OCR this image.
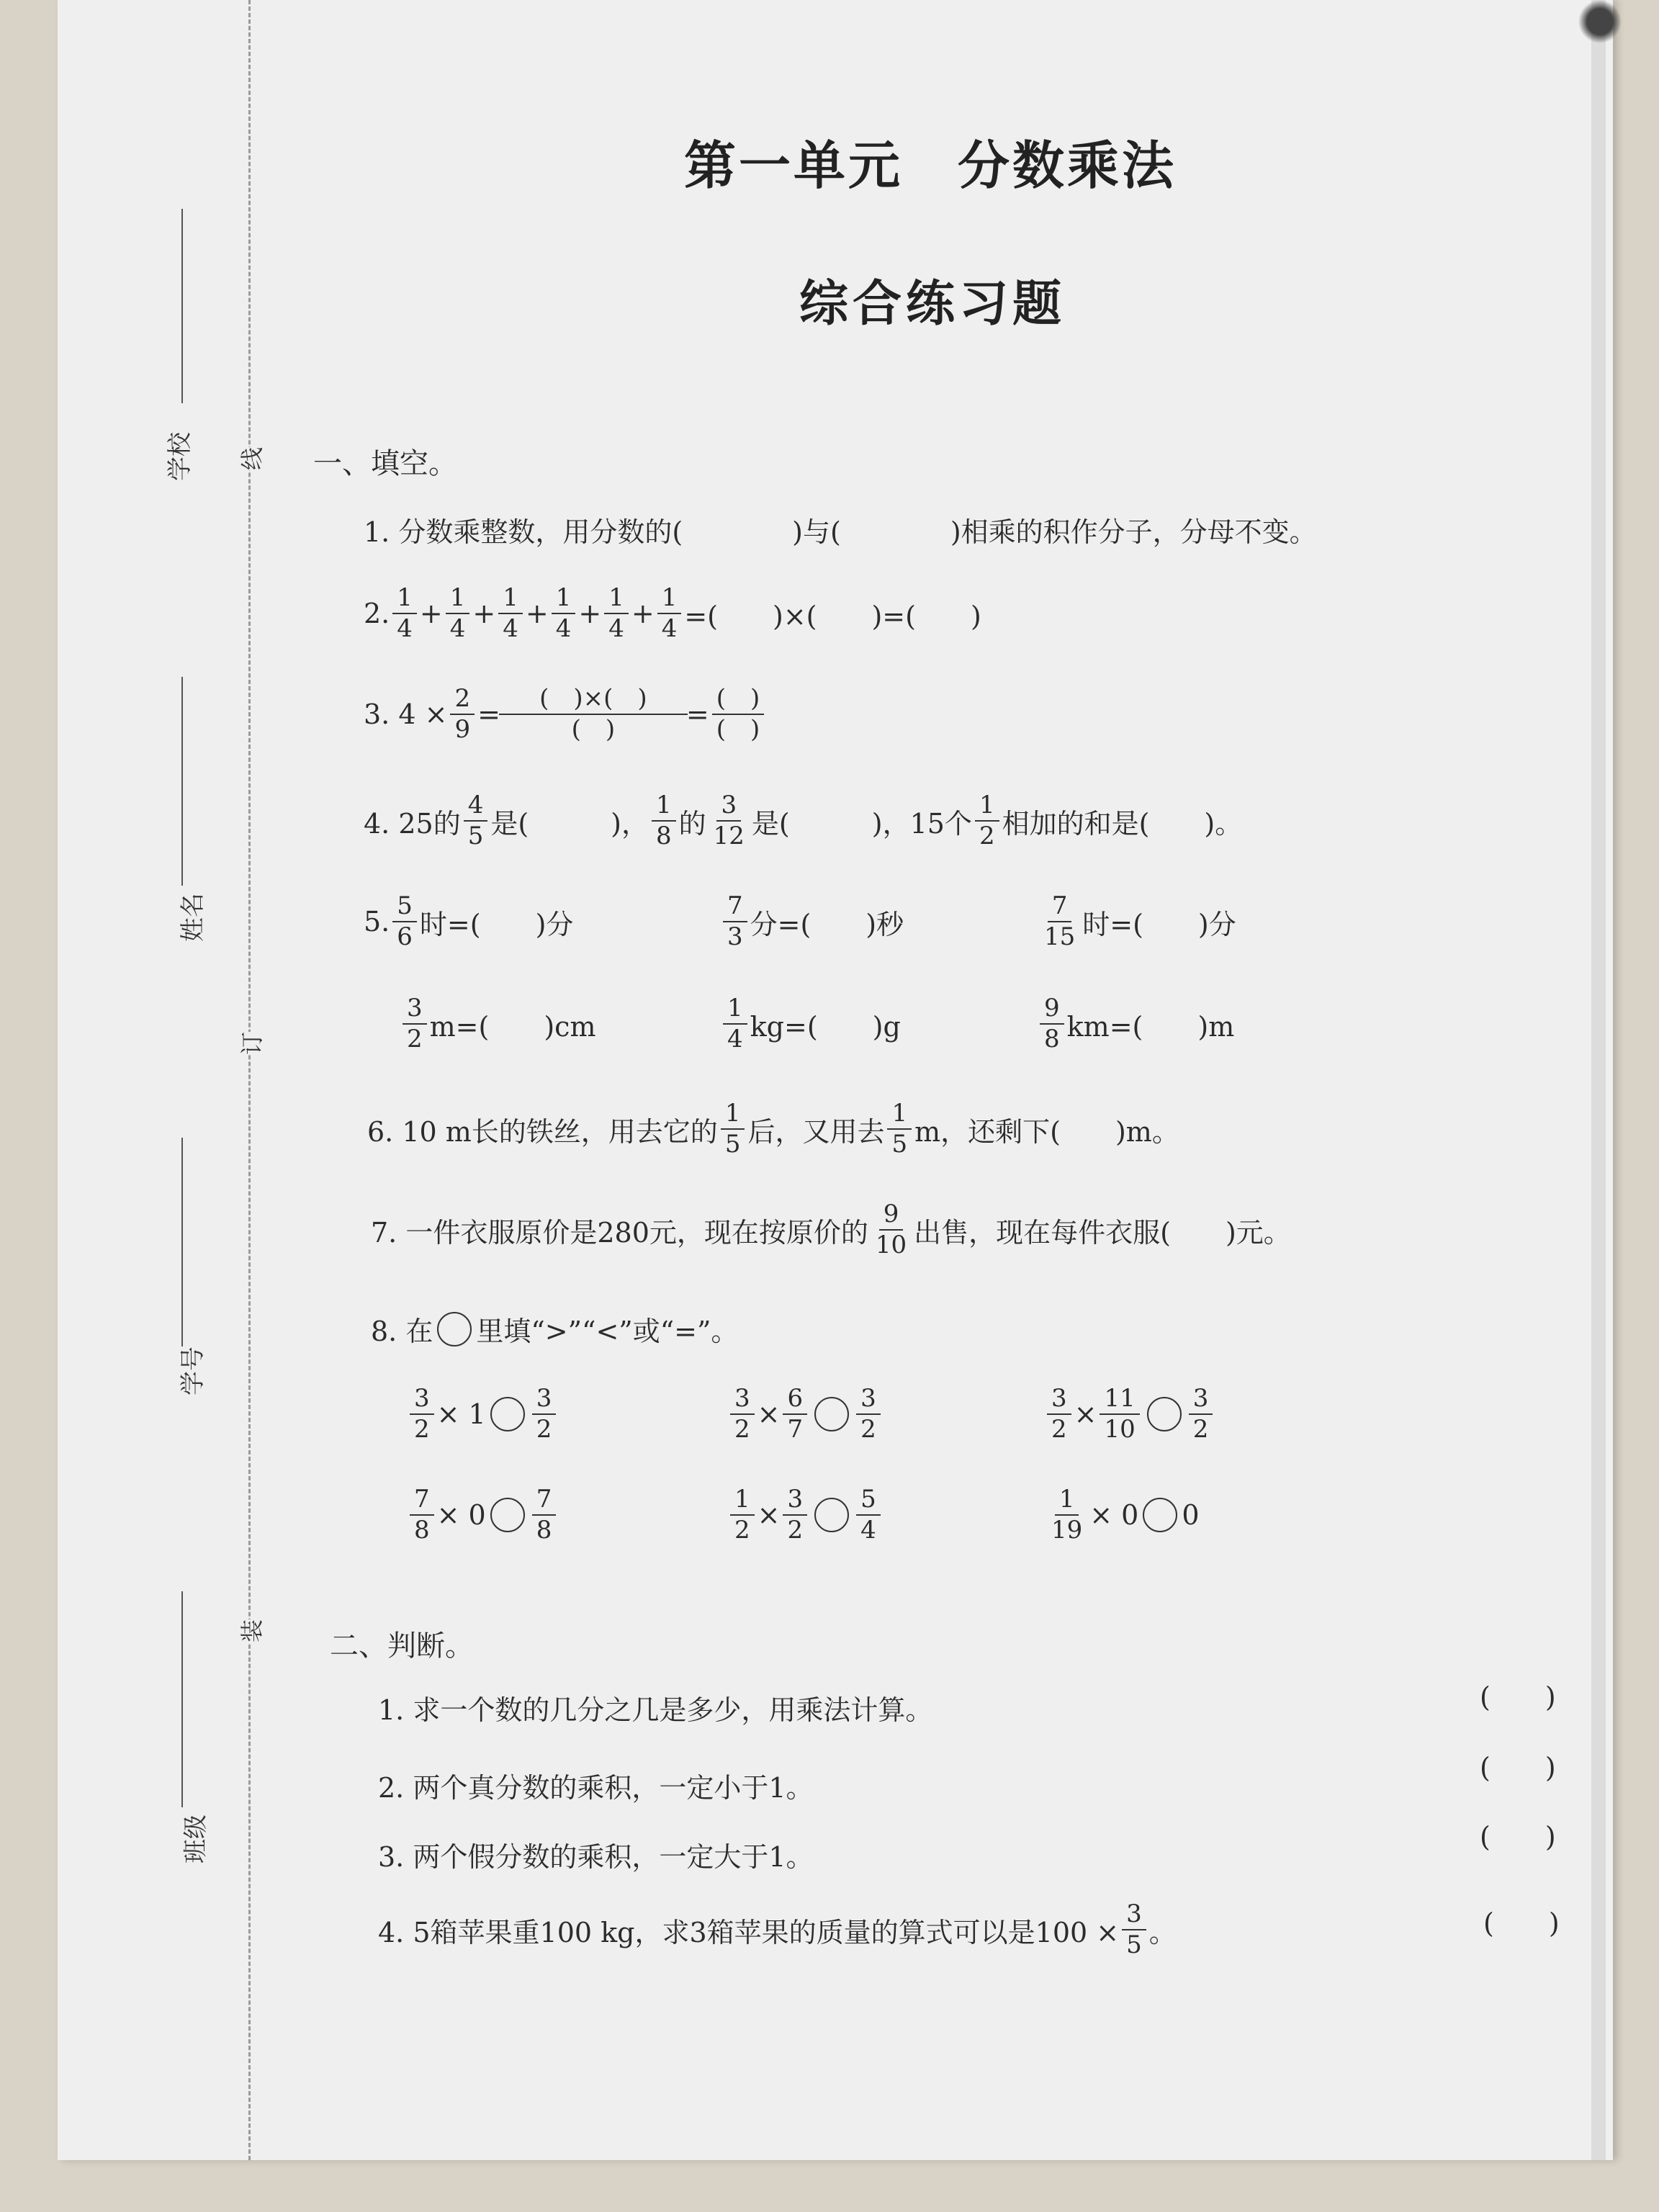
学校
姓名
学号
班级
线
订
装
第一单元　分数乘法
综合练习题
一、填空。
1. 分数乘整数，用分数的(　　　　)与(　　　　)相乘的积作分子，分母不变。
2. $\frac{1}{4} + \frac{1}{4} + \frac{1}{4} + \frac{1}{4} + \frac{1}{4} + \frac{1}{4}$ =(　　)×(　　)=(　　)
3. $4 \times \frac{2}{9} = \frac{( )\times( )}{( )} = \frac{( )}{( )}$
4. 25的 $\frac{4}{5}$ 是(　　　)， $\frac{1}{8}$ 的 $\frac{3}{12}$ 是(　　　)，15个 $\frac{1}{2}$ 相加的和是(　　)。
5. $\frac{5}{6}$ 时=(　　)分	$\frac{7}{3}$ 分=(　　)秒	$\frac{7}{15}$ 时=(　　)分
$\frac{3}{2} m=$(　　)cm	$\frac{1}{4} kg=$(　　)g	$\frac{9}{8} km=$(　　)m
6. 10 m长的铁丝，用去它的 $\frac{1}{5}$ 后，又用去 $\frac{1}{5}$ m，还剩下(　　)m。
7. 一件衣服原价是280元，现在按原价的 $\frac{9}{10}$ 出售，现在每件衣服(　　)元。
8. 在 里填“>”“<”或“=”。
$\frac{3}{2} \times 1 \frac{3}{2}$	$\frac{3}{2} \times \frac{6}{7} \frac{3}{2}$	$\frac{3}{2} \times \frac{11}{10} \frac{3}{2}$
$\frac{7}{8} \times 0 \frac{7}{8}$	$\frac{1}{2} \times \frac{3}{2} \frac{5}{4}$	$\frac{1}{19} \times 0$ 0
二、判断。
1. 求一个数的几分之几是多少，用乘法计算。	(　　)
2. 两个真分数的乘积，一定小于1。
(　　)
3. 两个假分数的乘积，一定大于1。
(　　)
4. 5箱苹果重100 kg，求3箱苹果的质量的算式可以是$100 \times \frac{3}{5}$ 。	(　　)
